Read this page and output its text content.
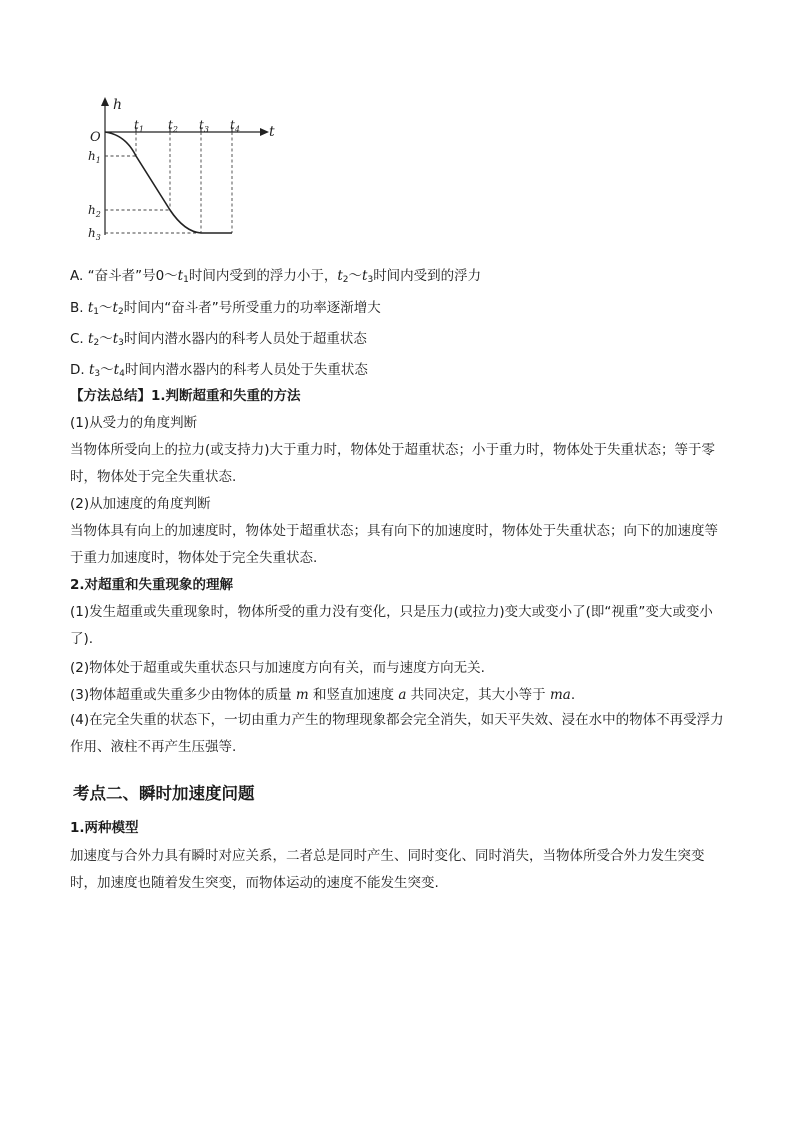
h
t
O
$t_1$ $t_2$ $t_3$ $t_4$
$h_1$
$h_2$
$h_3$
A. “奋斗者”号$0\sim t_1$时间内受到的浮力小于，$t_2\sim t_3$时间内受到的浮力
B. $t_1\sim t_2$时间内“奋斗者”号所受重力的功率逐渐增大
C. $t_2\sim t_3$时间内潜水器内的科考人员处于超重状态
D. $t_3\sim t_4$时间内潜水器内的科考人员处于失重状态
【方法总结】1.判断超重和失重的方法
(1)从受力的角度判断
当物体所受向上的拉力(或支持力)大于重力时，物体处于超重状态；小于重力时，物体处于失重状态；等于零时，物体处于完全失重状态.
(2)从加速度的角度判断
当物体具有向上的加速度时，物体处于超重状态；具有向下的加速度时，物体处于失重状态；向下的加速度等于重力加速度时，物体处于完全失重状态.
2.对超重和失重现象的理解
(1)发生超重或失重现象时，物体所受的重力没有变化，只是压力(或拉力)变大或变小了(即“视重”变大或变小了).
(2)物体处于超重或失重状态只与加速度方向有关，而与速度方向无关.
(3)物体超重或失重多少由物体的质量 m 和竖直加速度 a 共同决定，其大小等于 ma.
(4)在完全失重的状态下，一切由重力产生的物理现象都会完全消失，如天平失效、浸在水中的物体不再受浮力作用、液柱不再产生压强等.
考点二、瞬时加速度问题
1.两种模型
加速度与合外力具有瞬时对应关系，二者总是同时产生、同时变化、同时消失，当物体所受合外力发生突变时，加速度也随着发生突变，而物体运动的速度不能发生突变.
